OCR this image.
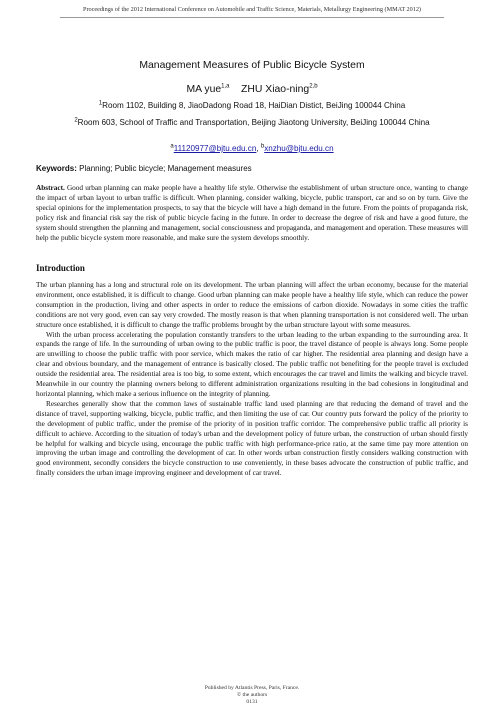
Proceedings of the 2012 International Conference on Automobile and Traffic Science, Materials, Metallurgy Engineering (MMAT 2012)
Management Measures of Public Bicycle System
MA yue$^{1,a}$ ZHU Xiao-ning$^{2,b}$
$^1$Room 1102, Building 8, JiaoDadong Road 18, HaiDian Distict, BeiJing 100044 China
$^2$Room 603, School of Traffic and Transportation, Beijing Jiaotong University, BeiJing 100044 China
$^a$11120977@bjtu.edu.cn, $^b$xnzhu@bjtu.edu.cn
Keywords: Planning; Public bicycle; Management measures
Abstract. Good urban planning can make people have a healthy life style. Otherwise the establishment of urban structure once, wanting to change the impact of urban layout to urban traffic is difficult. When planning, consider walking, bicycle, public transport, car and so on by turn. Give the special opinions for the implementation prospects, to say that the bicycle will have a high demand in the future. From the points of propaganda risk, policy risk and financial risk say the risk of public bicycle facing in the future. In order to decrease the degree of risk and have a good future, the system should strengthen the planning and management, social consciousness and propaganda, and management and operation. These measures will help the public bicycle system more reasonable, and make sure the system develops smoothly.
Introduction

The urban planning has a long and structural role on its development. The urban planning will affect the urban economy, because for the material environment, once established, it is difficult to change. Good urban planning can make people have a healthy life style, which can reduce the power consumption in the production, living and other aspects in order to reduce the emissions of carbon dioxide. Nowadays in some cities the traffic conditions are not very good, even can say very crowded. The mostly reason is that when planning transportation is not considered well. The urban structure once established, it is difficult to change the traffic problems brought by the urban structure layout with some measures.

With the urban process accelerating the population constantly transfers to the urban leading to the urban expanding to the surrounding area. It expands the range of life. In the surrounding of urban owing to the public traffic is poor, the travel distance of people is always long. Some people are unwilling to choose the public traffic with poor service, which makes the ratio of car higher. The residential area planning and design have a clear and obvious boundary, and the management of entrance is basically closed. The public traffic not benefiting for the people travel is excluded outside the residential area. The residential area is too big, to some extent, which encourages the car travel and limits the walking and bicycle travel. Meanwhile in our country the planning owners belong to different administration organizations resulting in the bad cohesions in longitudinal and horizontal planning, which make a serious influence on the integrity of planning.

Researches generally show that the common laws of sustainable traffic land used planning are that reducing the demand of travel and the distance of travel, supporting walking, bicycle, public traffic, and then limiting the use of car. Our country puts forward the policy of the priority to the development of public traffic, under the premise of the priority of in position traffic corridor. The comprehensive public traffic all priority is difficult to achieve. According to the situation of today's urban and the development policy of future urban, the construction of urban should firstly be helpful for walking and bicycle using, encourage the public traffic with high performance-price ratio, at the same time pay more attention on improving the urban image and controlling the development of car. In other words urban construction firstly considers walking construction with good environment, secondly considers the bicycle construction to use conveniently, in these bases advocate the construction of public traffic, and finally considers the urban image improving engineer and development of car travel.

Published by Atlantis Press, Paris, France.
© the authors
0131
